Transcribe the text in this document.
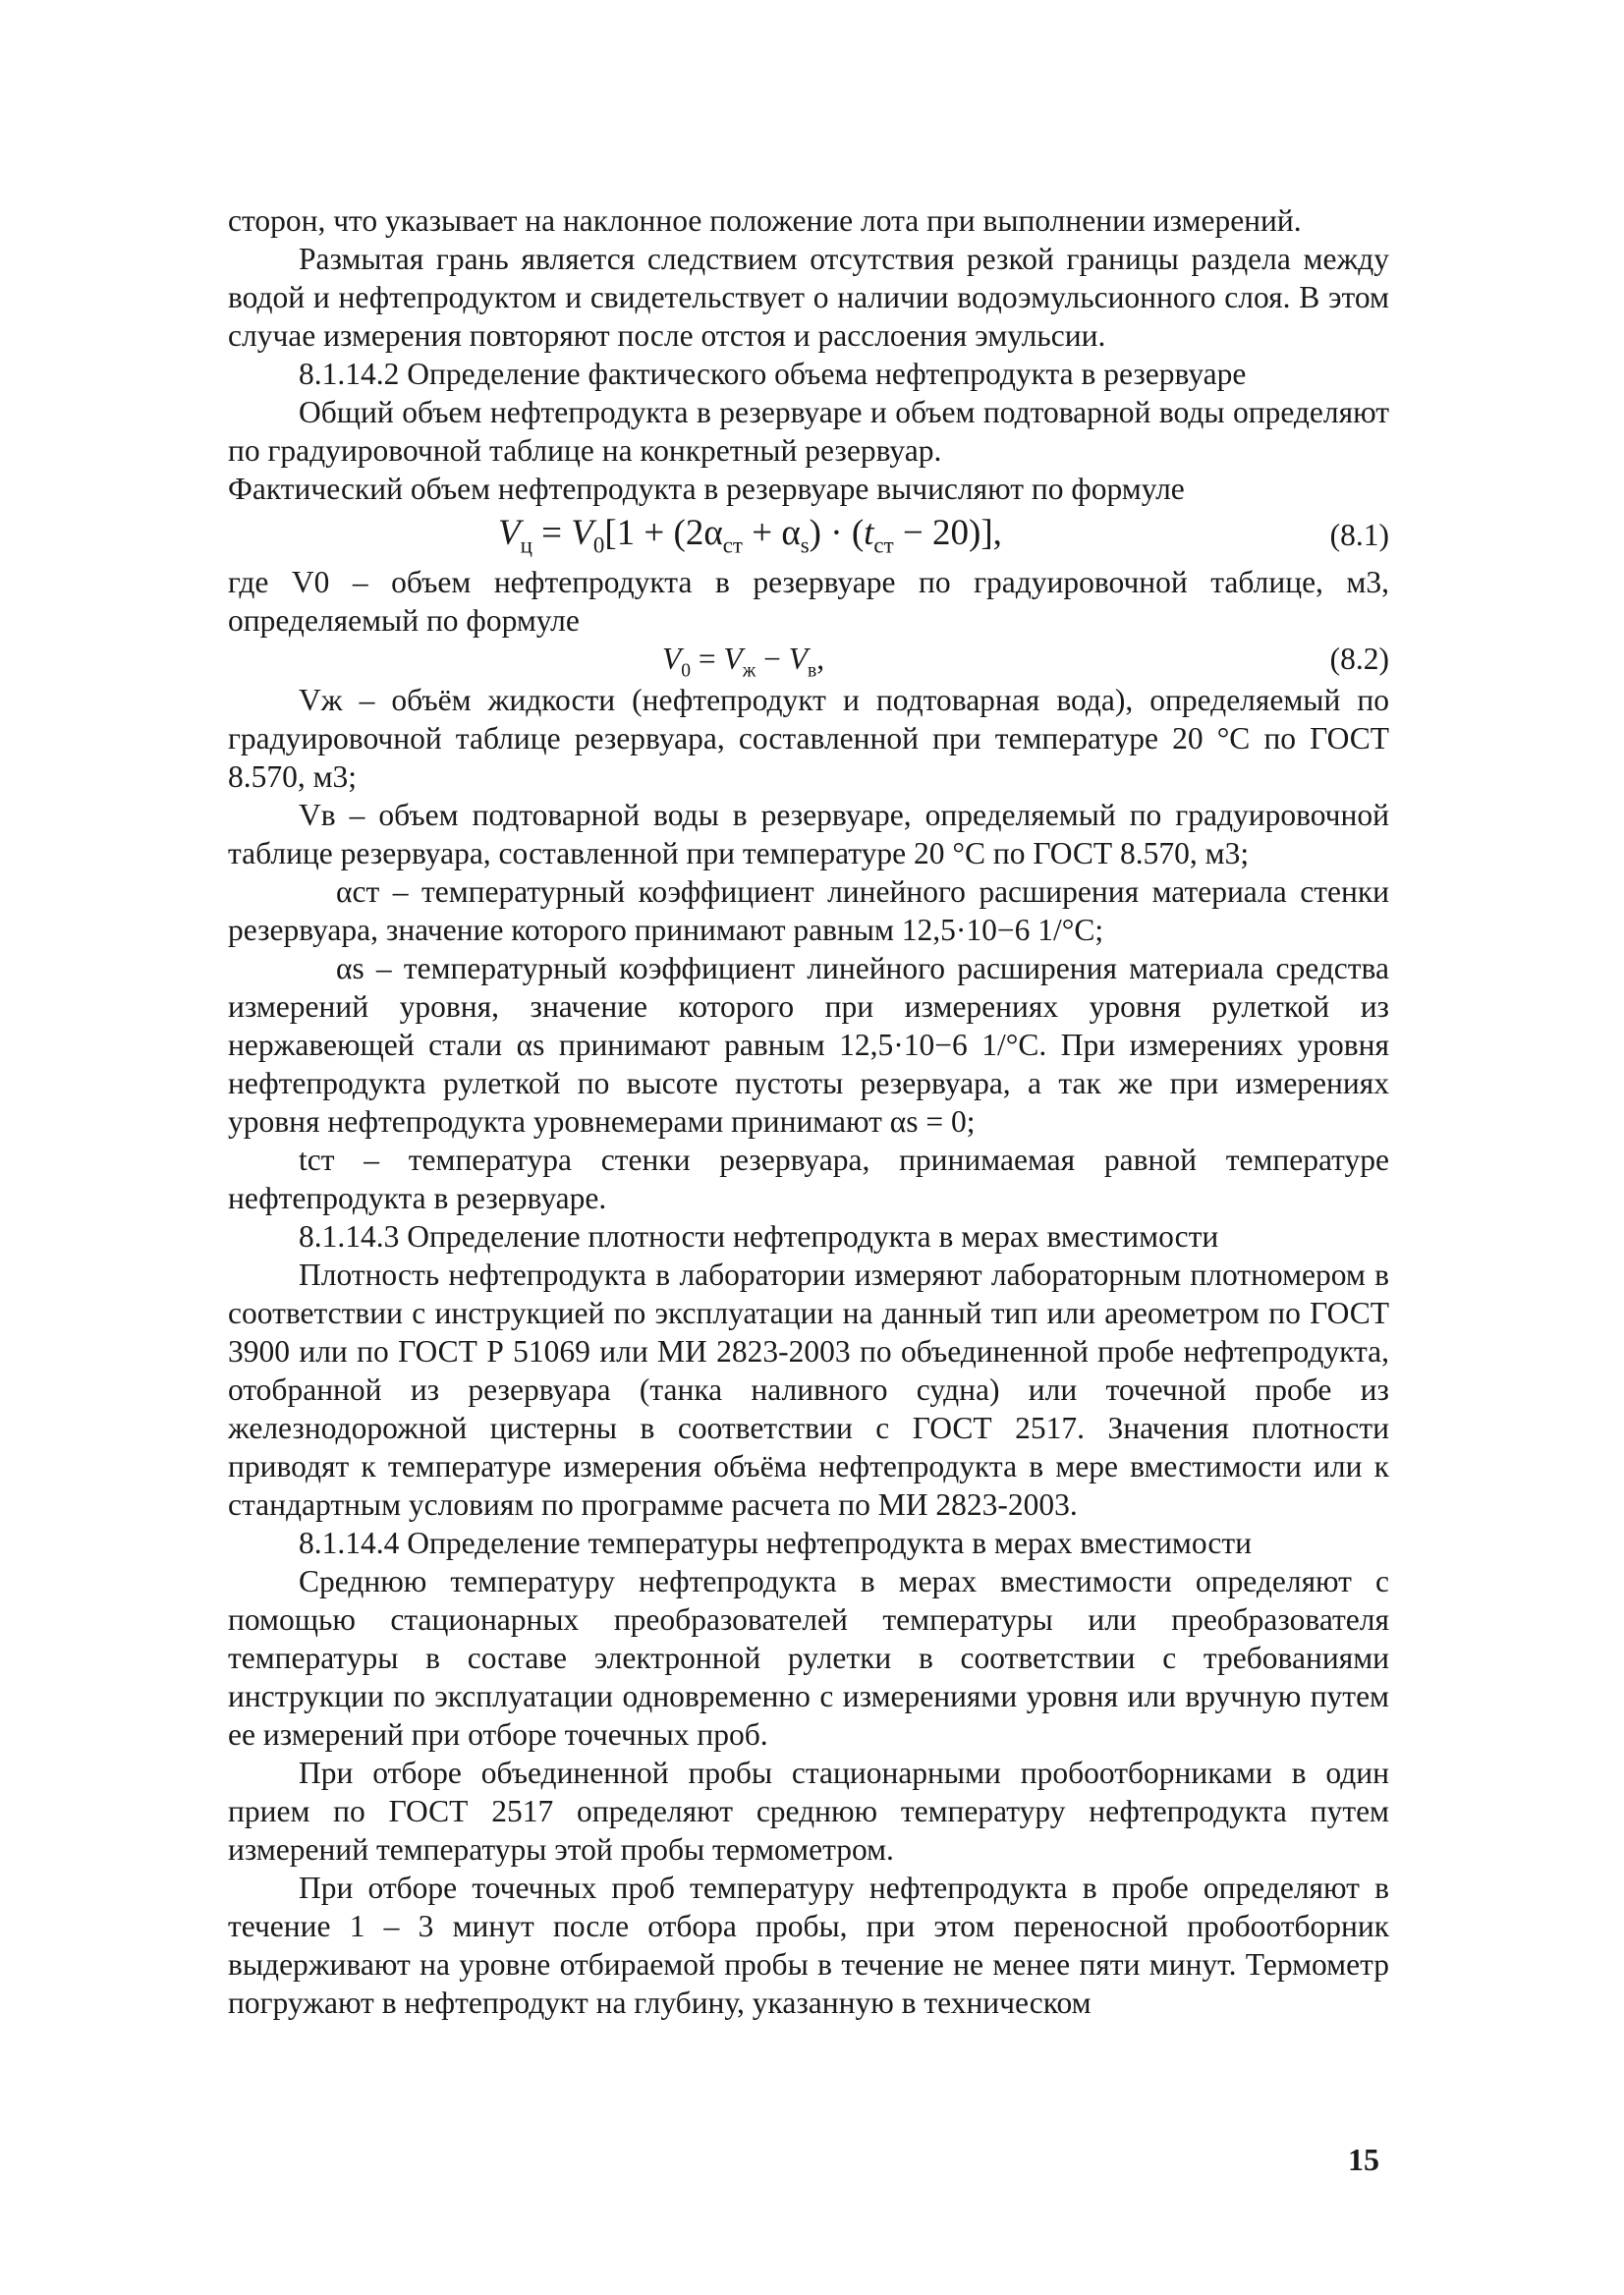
сторон, что указывает на наклонное положение лота при выполнении измерений.

Размытая грань является следствием отсутствия резкой границы раздела между водой и нефтепродуктом и свидетельствует о наличии водоэмульсионного слоя. В этом случае измерения повторяют после отстоя и расслоения эмульсии.

8.1.14.2 Определение фактического объема нефтепродукта в резервуаре

Общий объем нефтепродукта в резервуаре и объем подтоварной воды определяют по градуировочной таблице на конкретный резервуар.

Фактический объем нефтепродукта в резервуаре вычисляют по формуле

$V_ц = V_0[1 + (2\alpha_{ст} + \alpha_s) \cdot (t_{ст} - 20)]$,	(8.1)

где V0 – объем нефтепродукта в резервуаре по градуировочной таблице, м3, определяемый по формуле

$V_0 = V_ж - V_в$,	(8.2)

Vж – объём жидкости (нефтепродукт и подтоварная вода), определяемый по градуировочной таблице резервуара, составленной при температуре 20 °С по ГОСТ 8.570, м3;

Vв – объем подтоварной воды в резервуаре, определяемый по градуировочной таблице резервуара, составленной при температуре 20 °С по ГОСТ 8.570, м3;

αст – температурный коэффициент линейного расширения материала стенки резервуара, значение которого принимают равным 12,5·10−6 1/°С;

αs – температурный коэффициент линейного расширения материала средства измерений уровня, значение которого при измерениях уровня рулеткой из нержавеющей стали αs принимают равным 12,5·10−6 1/°С. При измерениях уровня нефтепродукта рулеткой по высоте пустоты резервуара, а так же при измерениях уровня нефтепродукта уровнемерами принимают αs = 0;

tст – температура стенки резервуара, принимаемая равной температуре нефтепродукта в резервуаре.

8.1.14.3 Определение плотности нефтепродукта в мерах вместимости

Плотность нефтепродукта в лаборатории измеряют лабораторным плотномером в соответствии с инструкцией по эксплуатации на данный тип или ареометром по ГОСТ 3900 или по ГОСТ Р 51069 или МИ 2823-2003 по объединенной пробе нефтепродукта, отобранной из резервуара (танка наливного судна) или точечной пробе из железнодорожной цистерны в соответствии с ГОСТ 2517. Значения плотности приводят к температуре измерения объёма нефтепродукта в мере вместимости или к стандартным условиям по программе расчета по МИ 2823-2003.

8.1.14.4 Определение температуры нефтепродукта в мерах вместимости

Среднюю температуру нефтепродукта в мерах вместимости определяют с помощью стационарных преобразователей температуры или преобразователя температуры в составе электронной рулетки в соответствии с требованиями инструкции по эксплуатации одновременно с измерениями уровня или вручную путем ее измерений при отборе точечных проб.

При отборе объединенной пробы стационарными пробоотборниками в один прием по ГОСТ 2517 определяют среднюю температуру нефтепродукта путем измерений температуры этой пробы термометром.

При отборе точечных проб температуру нефтепродукта в пробе определяют в течение 1 – 3 минут после отбора пробы, при этом переносной пробоотборник выдерживают на уровне отбираемой пробы в течение не менее пяти минут. Термометр погружают в нефтепродукт на глубину, указанную в техническом

15
